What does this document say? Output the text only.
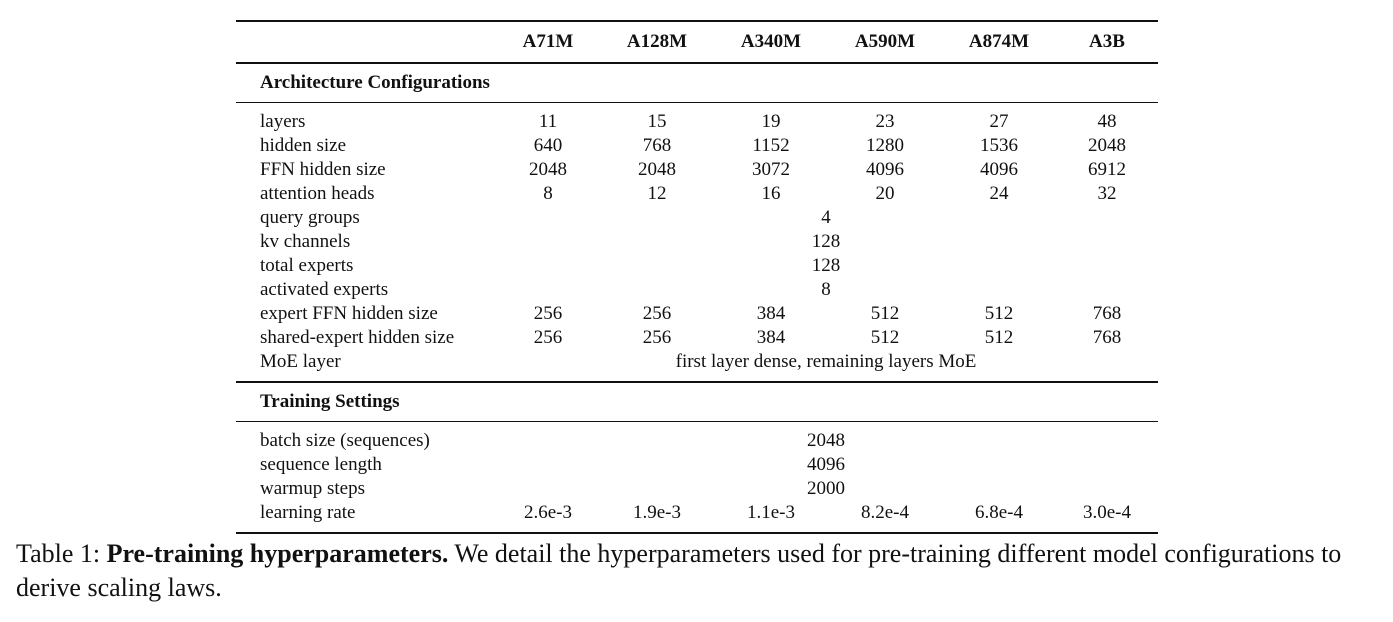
A71M	A128M	A340M	A590M	A874M	A3B
Architecture Configurations
layers	11	15	19	23	27	48
hidden size	640	768	1152	1280	1536	2048
FFN hidden size	2048	2048	3072	4096	4096	6912
attention heads	8	12	16	20	24	32
query groups	4
kv channels	128
total experts	128
activated experts	8
expert FFN hidden size	256	256	384	512	512	768
shared-expert hidden size	256	256	384	512	512	768
MoE layer	first layer dense, remaining layers MoE
Training Settings
batch size (sequences)	2048
sequence length	4096
warmup steps	2000
learning rate	2.6e-3	1.9e-3	1.1e-3	8.2e-4	6.8e-4	3.0e-4
Table 1: Pre-training hyperparameters. We detail the hyperparameters used for pre-training different model configurations to derive scaling laws.
